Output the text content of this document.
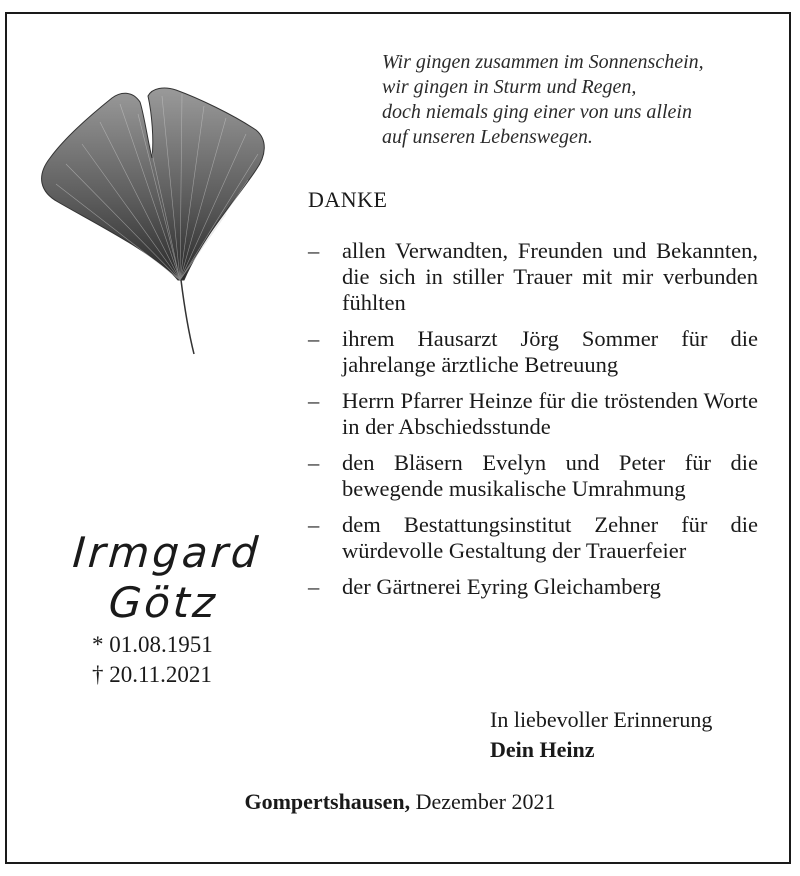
Wir gingen zusammen im Sonnenschein,
wir gingen in Sturm und Regen,
doch niemals ging einer von uns allein
auf unseren Lebenswegen.
DANKE
–	allen Verwandten, Freunden und Bekannten, die sich in stiller Trauer mit mir verbunden fühlten
–	ihrem Hausarzt Jörg Sommer für die jahrelange ärztliche Betreuung
–	Herrn Pfarrer Heinze für die tröstenden Worte in der Abschiedsstunde
–	den Bläsern Evelyn und Peter für die bewegende musikalische Umrahmung
–	dem Bestattungsinstitut Zehner für die würdevolle Gestaltung der Trauerfeier
–	der Gärtnerei Eyring Gleichamberg
Irmgard
Götz
* 01.08.1951
† 20.11.2021
In liebevoller Erinnerung
Dein Heinz
Gompertshausen, Dezember 2021
